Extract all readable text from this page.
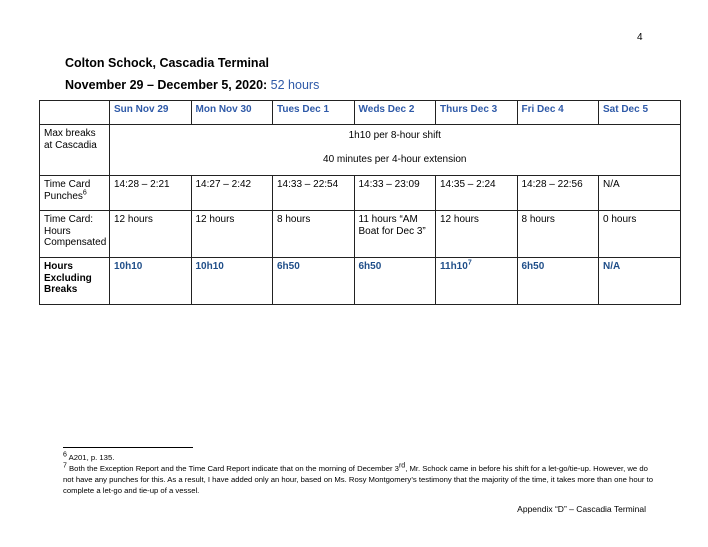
4
Colton Schock, Cascadia Terminal
November 29 – December 5, 2020: 52 hours
	Sun Nov 29	Mon Nov 30	Tues Dec 1	Weds Dec 2	Thurs Dec 3	Fri Dec 4	Sat Dec 5
Max breaks at Cascadia	1h10 per 8-hour shift
40 minutes per 4-hour extension						

Time Card Punches$^6$	14:28 – 2:21	14:27 – 2:42	14:33 – 22:54	14:33 – 23:09	14:35 – 2:24	14:28 – 22:56	N/A
Time Card: Hours Compensated	12 hours	12 hours	8 hours	11 hours “AM Boat for Dec 3”	12 hours	8 hours	0 hours
Hours Excluding Breaks	10h10	10h10	6h50	6h50	$11h10^7$	6h50	N/A
$^6$ A201, p. 135.
$^7$ Both the Exception Report and the Time Card Report indicate that on the morning of December 3rd, Mr. Schock came in before his shift for a let-go/tie-up. However, we do not have any punches for this. As a result, I have added only an hour, based on Ms. Rosy Montgomery’s testimony that the majority of the time, it takes more than one hour to complete a let-go and tie-up of a vessel.
Appendix “D” – Cascadia Terminal
